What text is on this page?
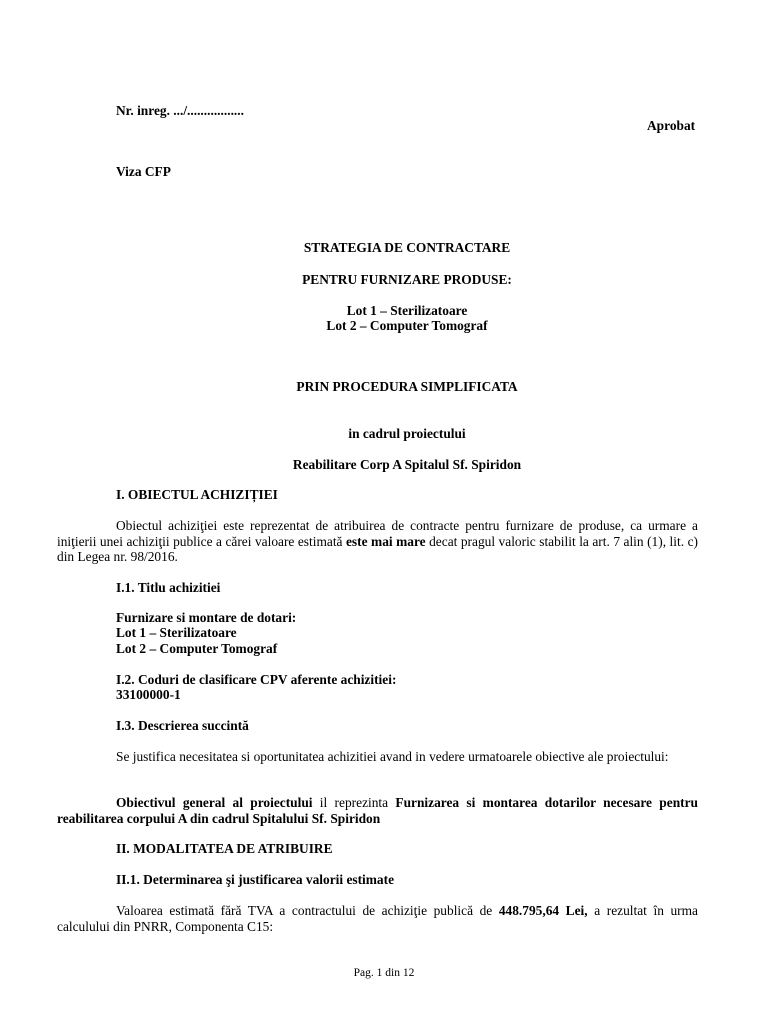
Nr. inreg. .../.................
Aprobat
Viza CFP
STRATEGIA DE CONTRACTARE
PENTRU FURNIZARE PRODUSE:
Lot 1 – Sterilizatoare
Lot 2 – Computer Tomograf
PRIN PROCEDURA SIMPLIFICATA
in cadrul proiectului
Reabilitare Corp A Spitalul Sf. Spiridon
I. OBIECTUL ACHIZIȚIEI
Obiectul achiziţiei este reprezentat de atribuirea de contracte pentru furnizare de produse, ca urmare a iniţierii unei achiziţii publice a cărei valoare estimată este mai mare decat pragul valoric stabilit la art. 7 alin (1), lit. c) din Legea nr. 98/2016.
I.1. Titlu achizitiei
Furnizare si montare de dotari:
Lot 1 – Sterilizatoare
Lot 2 – Computer Tomograf
I.2. Coduri de clasificare CPV aferente achizitiei:
33100000-1
I.3. Descrierea succintă
Se justifica necesitatea si oportunitatea achizitiei avand in vedere urmatoarele obiective ale proiectului:
Obiectivul general al proiectului il reprezinta Furnizarea si montarea dotarilor necesare pentru reabilitarea corpului A din cadrul Spitalului Sf. Spiridon
II. MODALITATEA DE ATRIBUIRE
II.1. Determinarea şi justificarea valorii estimate
Valoarea estimată fără TVA a contractului de achiziţie publică de 448.795,64 Lei, a rezultat în urma calculului din PNRR, Componenta C15:
Pag. 1 din 12
